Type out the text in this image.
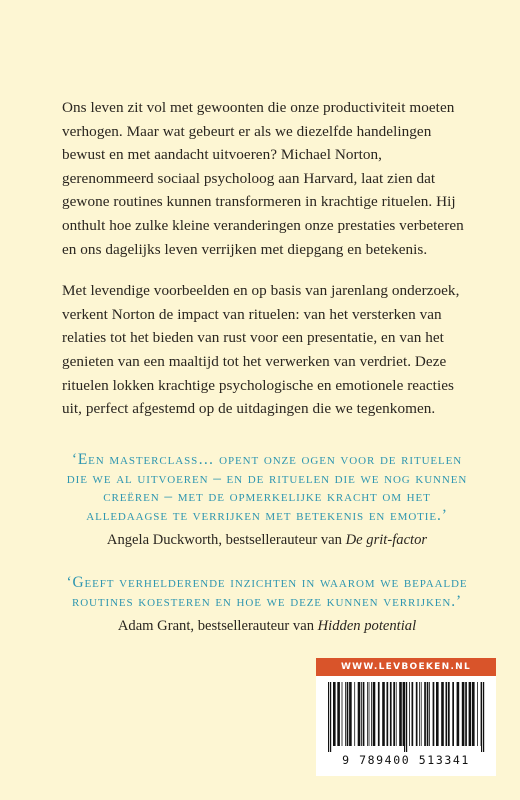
Ons leven zit vol met gewoonten die onze productiviteit moeten verhogen. Maar wat gebeurt er als we diezelfde handelingen bewust en met aandacht uitvoeren? Michael Norton, gerenommeerd sociaal psycholoog aan Harvard, laat zien dat gewone routines kunnen transformeren in krachtige rituelen. Hij onthult hoe zulke kleine veranderingen onze prestaties verbeteren en ons dagelijks leven verrijken met diepgang en betekenis.

Met levendige voorbeelden en op basis van jarenlang onderzoek, verkent Norton de impact van rituelen: van het versterken van relaties tot het bieden van rust voor een presentatie, en van het genieten van een maaltijd tot het verwerken van verdriet. Deze rituelen lokken krachtige psychologische en emotionele reacties uit, perfect afgestemd op de uitdagingen die we tegenkomen.

‘Een masterclass… opent onze ogen voor de rituelen die we al uitvoeren – en de rituelen die we nog kunnen creëren – met de opmerkelijke kracht om het alledaagse te verrijken met betekenis en emotie.’

Angela Duckworth, bestsellerauteur van De grit-factor

‘Geeft verhelderende inzichten in waarom we bepaalde routines koesteren en hoe we deze kunnen verrijken.’

Adam Grant, bestsellerauteur van Hidden potential
WWW.LEVBOEKEN.NL
9 789400 513341
